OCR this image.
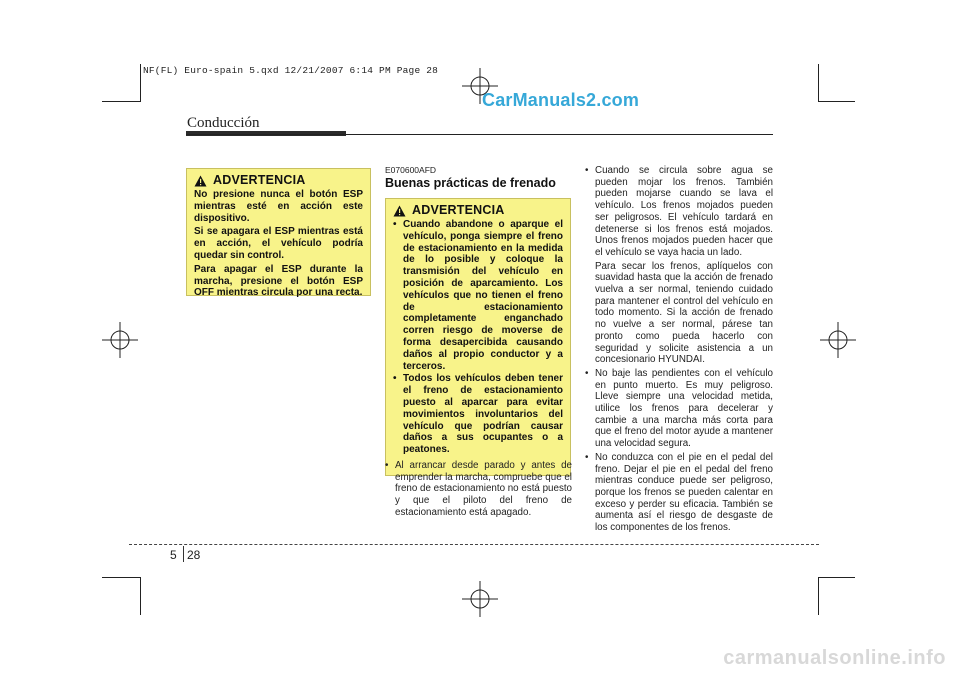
NF(FL) Euro-spain 5.qxd 12/21/2007 6:14 PM Page 28
CarManuals2.com
Conducción
ADVERTENCIA

No presione nunca el botón ESP mientras esté en acción este dispositivo.

Si se apagara el ESP mientras está en acción, el vehículo podría quedar sin control.

Para apagar el ESP durante la marcha, presione el botón ESP OFF mientras circula por una recta.

E070600AFD
Buenas prácticas de frenado
ADVERTENCIA
• Cuando abandone o aparque el vehículo, ponga siempre el freno de estacionamiento en la medida de lo posible y coloque la transmisión del vehículo en posición de aparcamiento. Los vehículos que no tienen el freno de estacionamiento completamente enganchado corren riesgo de moverse de forma desapercibida causando daños al propio conductor y a terceros.
• Todos los vehículos deben tener el freno de estacionamiento puesto al aparcar para evitar movimientos involuntarios del vehículo que podrían causar daños a sus ocupantes o a peatones.
• Al arrancar desde parado y antes de emprender la marcha, compruebe que el freno de estacionamiento no está puesto y que el piloto del freno de estacionamiento está apagado.
• Cuando se circula sobre agua se pueden mojar los frenos. También pueden mojarse cuando se lava el vehículo. Los frenos mojados pueden ser peligrosos. El vehículo tardará en detenerse si los frenos está mojados. Unos frenos mojados pueden hacer que el vehículo se vaya hacia un lado.

Para secar los frenos, aplíquelos con suavidad hasta que la acción de frenado vuelva a ser normal, teniendo cuidado para mantener el control del vehículo en todo momento. Si la acción de frenado no vuelve a ser normal, párese tan pronto como pueda hacerlo con seguridad y solicite asistencia a un concesionario HYUNDAI.

• No baje las pendientes con el vehículo en punto muerto. Es muy peligroso. Lleve siempre una velocidad metida, utilice los frenos para decelerar y cambie a una marcha más corta para que el freno del motor ayude a mantener una velocidad segura.
• No conduzca con el pie en el pedal del freno. Dejar el pie en el pedal del freno mientras conduce puede ser peligroso, porque los frenos se pueden calentar en exceso y perder su eficacia. También se aumenta así el riesgo de desgaste de los componentes de los frenos.
5 28
carmanualsonline.info
